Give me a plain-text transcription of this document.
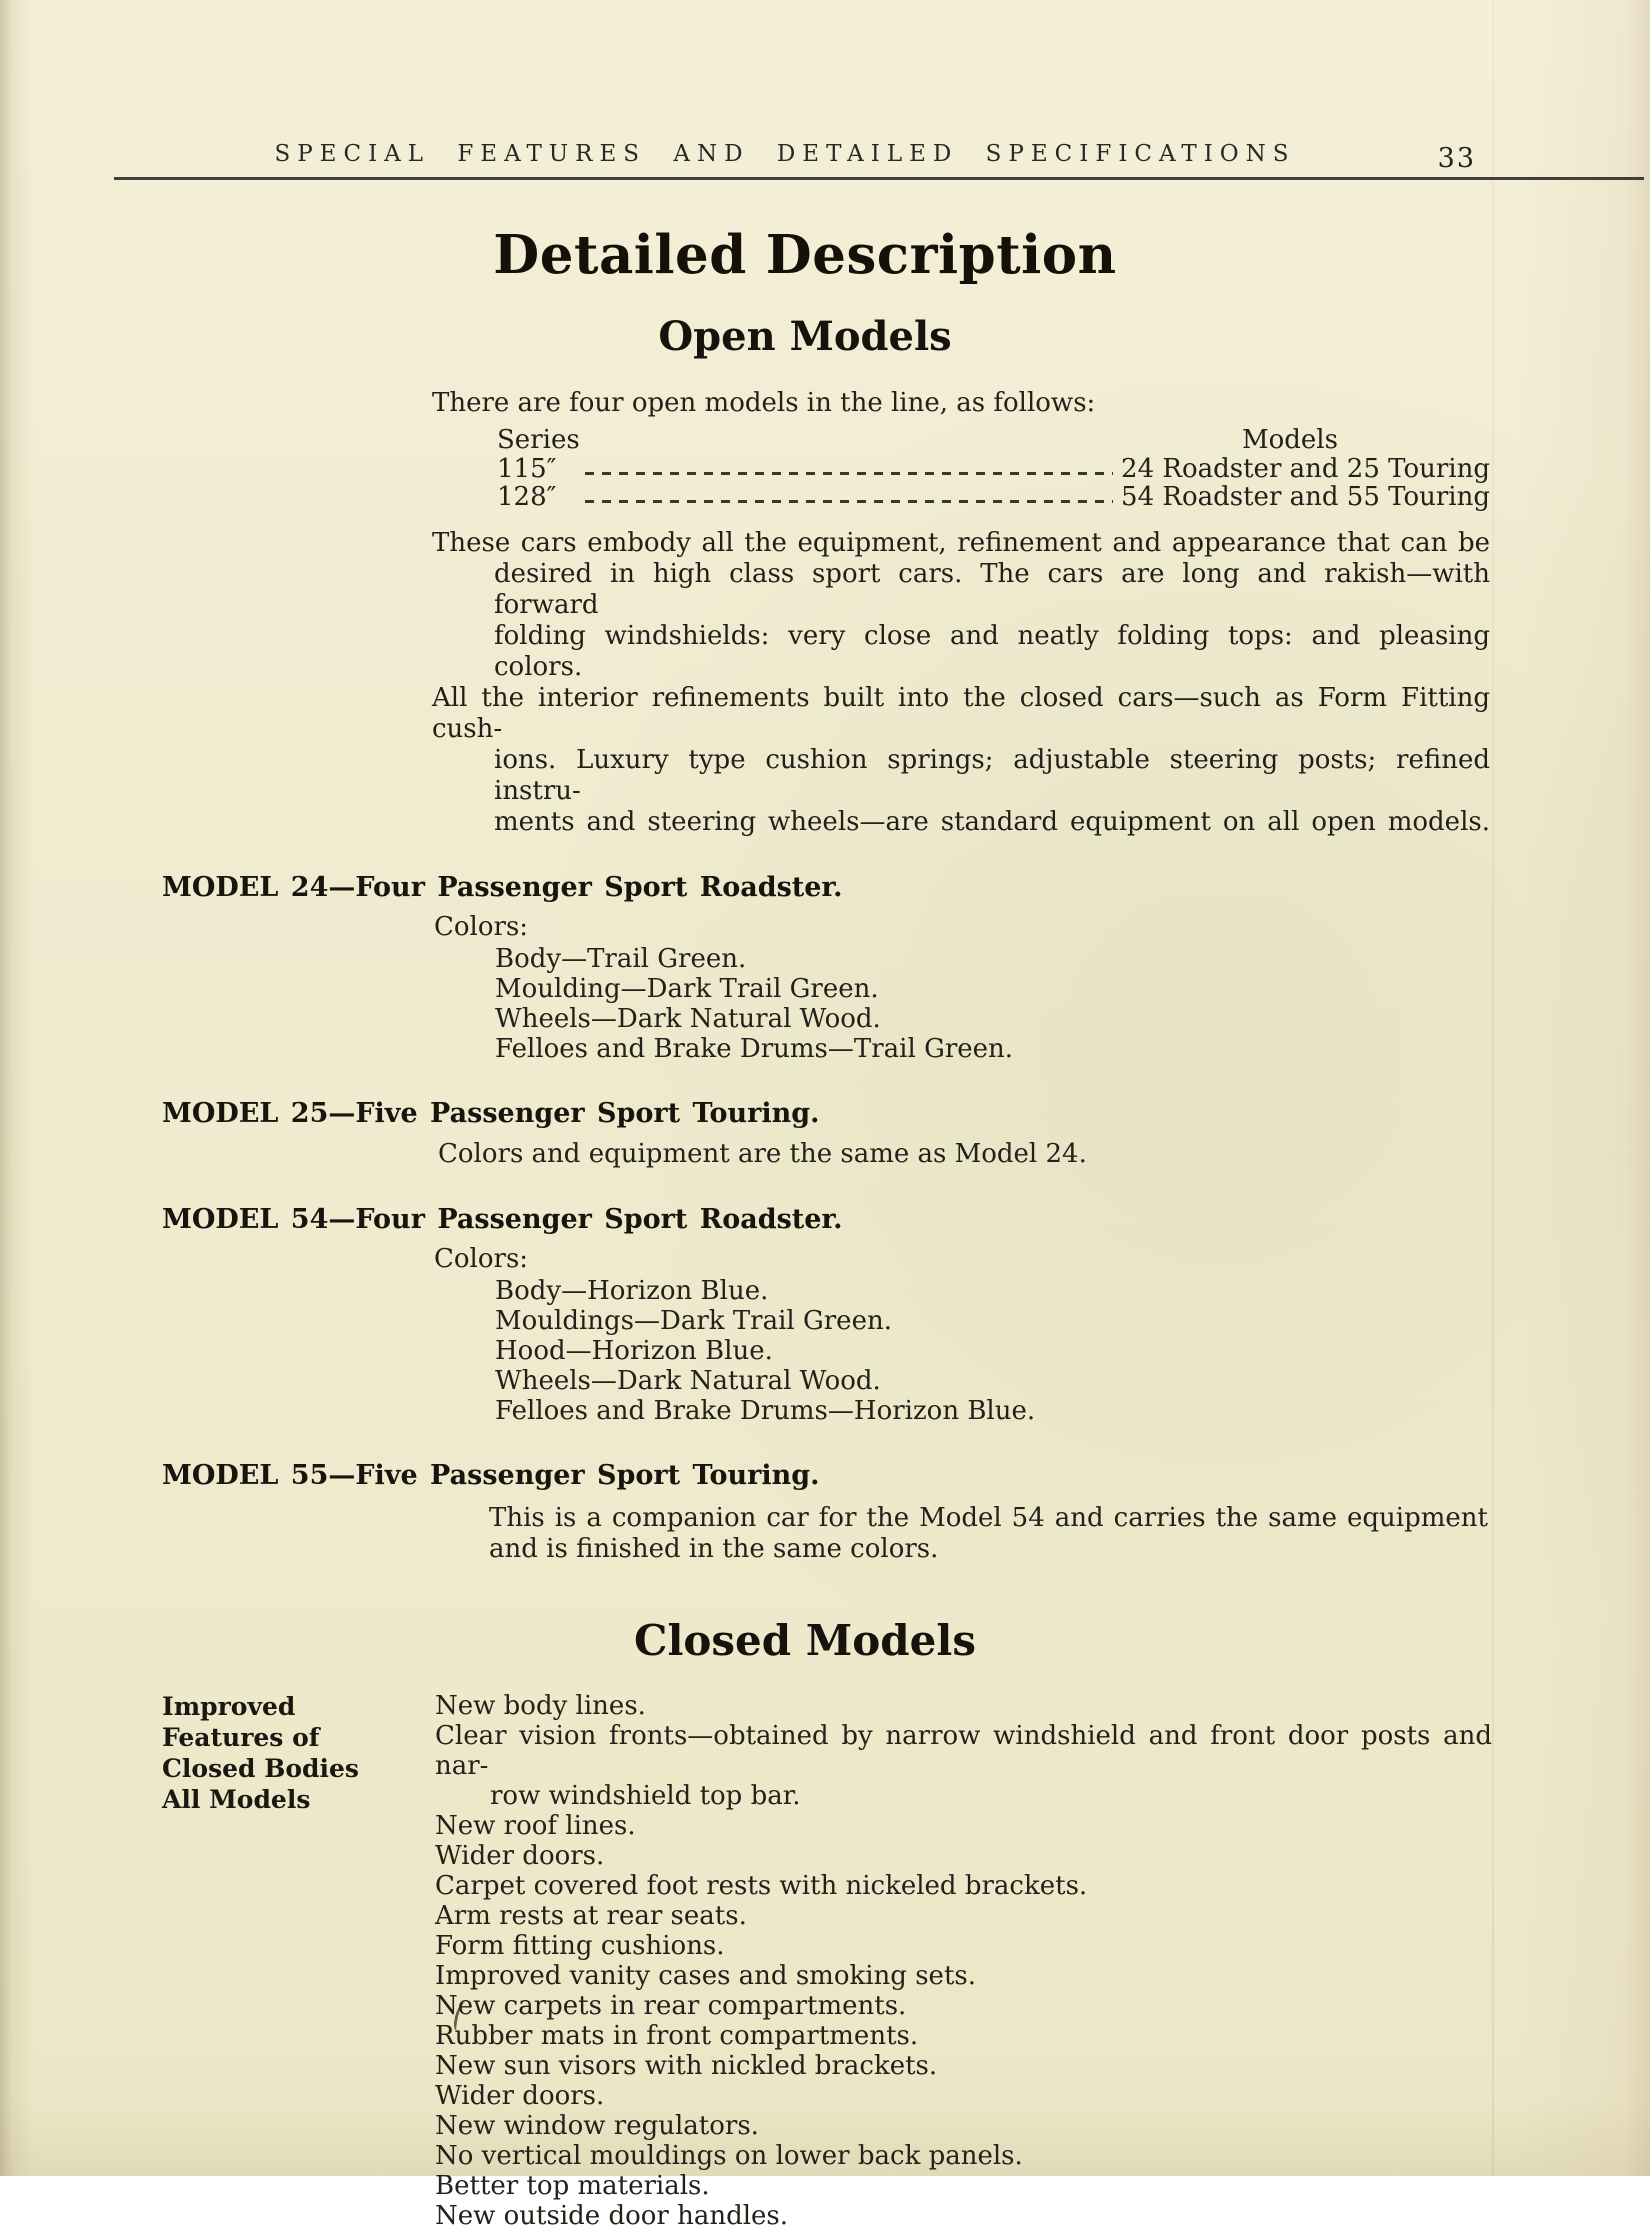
SPECIAL FEATURES AND DETAILED SPECIFICATIONS	33
Detailed Description
Open Models

There are four open models in the line, as follows:

Series	Models
115″	24 Roadster and 25 Touring
128″	54 Roadster and 55 Touring
These cars embody all the equipment, refinement and appearance that can be
desired in high class sport cars. The cars are long and rakish—with forward
folding windshields: very close and neatly folding tops: and pleasing colors.
All the interior refinements built into the closed cars—such as Form Fitting cush-
ions. Luxury type cushion springs; adjustable steering posts; refined instru-
ments and steering wheels—are standard equipment on all open models.
MODEL 24—Four Passenger Sport Roadster.
Colors:
Body—Trail Green.
Moulding—Dark Trail Green.
Wheels—Dark Natural Wood.
Felloes and Brake Drums—Trail Green.
MODEL 25—Five Passenger Sport Touring.
Colors and equipment are the same as Model 24.
MODEL 54—Four Passenger Sport Roadster.
Colors:
Body—Horizon Blue.
Mouldings—Dark Trail Green.
Hood—Horizon Blue.
Wheels—Dark Natural Wood.
Felloes and Brake Drums—Horizon Blue.
MODEL 55—Five Passenger Sport Touring.
This is a companion car for the Model 54 and carries the same equipment
and is finished in the same colors.
Closed Models
Improved
Features of
Closed Bodies
All Models
New body lines.
Clear vision fronts—obtained by narrow windshield and front door posts and nar-
row windshield top bar.
New roof lines.
Wider doors.
Carpet covered foot rests with nickeled brackets.
Arm rests at rear seats.
Form fitting cushions.
Improved vanity cases and smoking sets.
New carpets in rear compartments.
Rubber mats in front compartments.
New sun visors with nickled brackets.
Wider doors.
New window regulators.
No vertical mouldings on lower back panels.
Better top materials.
New outside door handles.
